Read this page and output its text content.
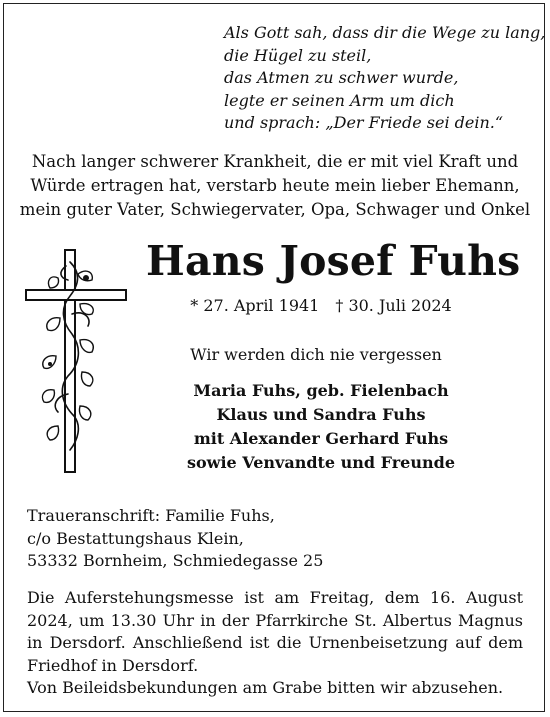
Als Gott sah, dass dir die Wege zu lang,
die Hügel zu steil,
das Atmen zu schwer wurde,
legte er seinen Arm um dich
und sprach: „Der Friede sei dein.“
Nach langer schwerer Krankheit, die er mit viel Kraft und
Würde ertragen hat, verstarb heute mein lieber Ehemann,
mein guter Vater, Schwiegervater, Opa, Schwager und Onkel
Hans Josef Fuhs
* 27. April 1941 † 30. Juli 2024
Wir werden dich nie vergessen
Maria Fuhs, geb. Fielenbach
Klaus und Sandra Fuhs
mit Alexander Gerhard Fuhs
sowie Venvandte und Freunde
Traueranschrift: Familie Fuhs,
c/o Bestattungshaus Klein,
53332 Bornheim, Schmiedegasse 25
Die Auferstehungsmesse ist am Freitag, dem 16. August 2024, um 13.30 Uhr in der Pfarrkirche St. Albertus Magnus in Dersdorf. Anschließend ist die Urnenbeisetzung auf dem Friedhof in Dersdorf.
Von Beileidsbekundungen am Grabe bitten wir abzusehen.
